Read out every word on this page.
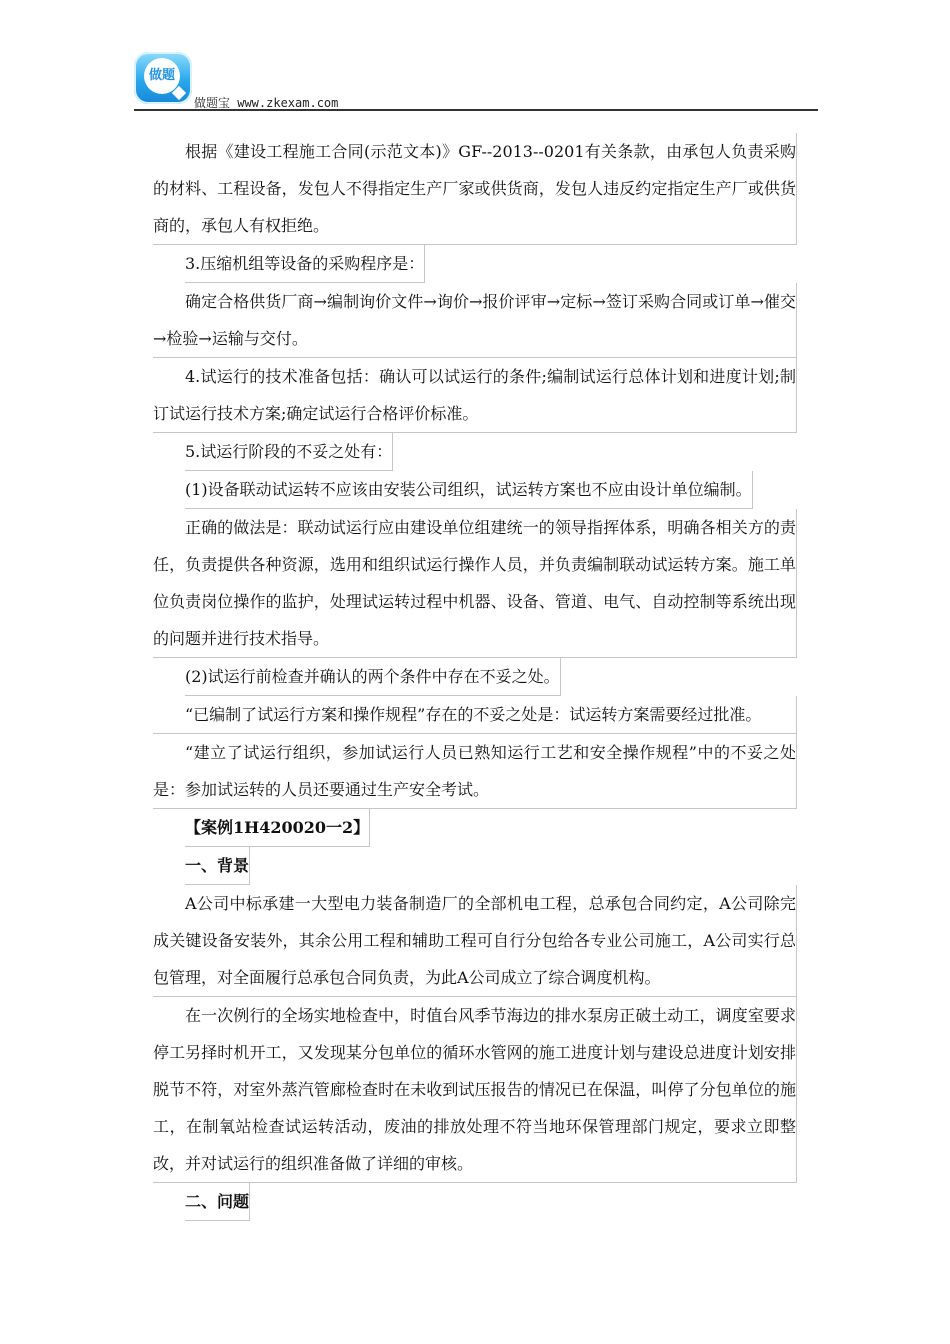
做题
做题宝 www.zkexam.com

根据《建设工程施工合同(示范文本)》GF--2013--0201有关条款，由承包人负责采购的材料、工程设备，发包人不得指定生产厂家或供货商，发包人违反约定指定生产厂或供货商的，承包人有权拒绝。

3.压缩机组等设备的采购程序是：

确定合格供货厂商→编制询价文件→询价→报价评审→定标→签订采购合同或订单→催交→检验→运输与交付。

4.试运行的技术准备包括：确认可以试运行的条件;编制试运行总体计划和进度计划;制订试运行技术方案;确定试运行合格评价标准。

5.试运行阶段的不妥之处有：

(1)设备联动试运转不应该由安装公司组织，试运转方案也不应由设计单位编制。

正确的做法是：联动试运行应由建设单位组建统一的领导指挥体系，明确各相关方的责任，负责提供各种资源，选用和组织试运行操作人员，并负责编制联动试运转方案。施工单位负责岗位操作的监护，处理试运转过程中机器、设备、管道、电气、自动控制等系统出现的问题并进行技术指导。

(2)试运行前检查并确认的两个条件中存在不妥之处。

“已编制了试运行方案和操作规程”存在的不妥之处是：试运转方案需要经过批准。

“建立了试运行组织，参加试运行人员已熟知运行工艺和安全操作规程”中的不妥之处是：参加试运转的人员还要通过生产安全考试。

【案例1H420020一2】

一、背景

A公司中标承建一大型电力装备制造厂的全部机电工程，总承包合同约定，A公司除完成关键设备安装外，其余公用工程和辅助工程可自行分包给各专业公司施工，A公司实行总包管理，对全面履行总承包合同负责，为此A公司成立了综合调度机构。

在一次例行的全场实地检查中，时值台风季节海边的排水泵房正破土动工，调度室要求停工另择时机开工，又发现某分包单位的循环水管网的施工进度计划与建设总进度计划安排脱节不符，对室外蒸汽管廊检查时在未收到试压报告的情况已在保温，叫停了分包单位的施工，在制氧站检查试运转活动，废油的排放处理不符当地环保管理部门规定，要求立即整改，并对试运行的组织准备做了详细的审核。

二、问题
